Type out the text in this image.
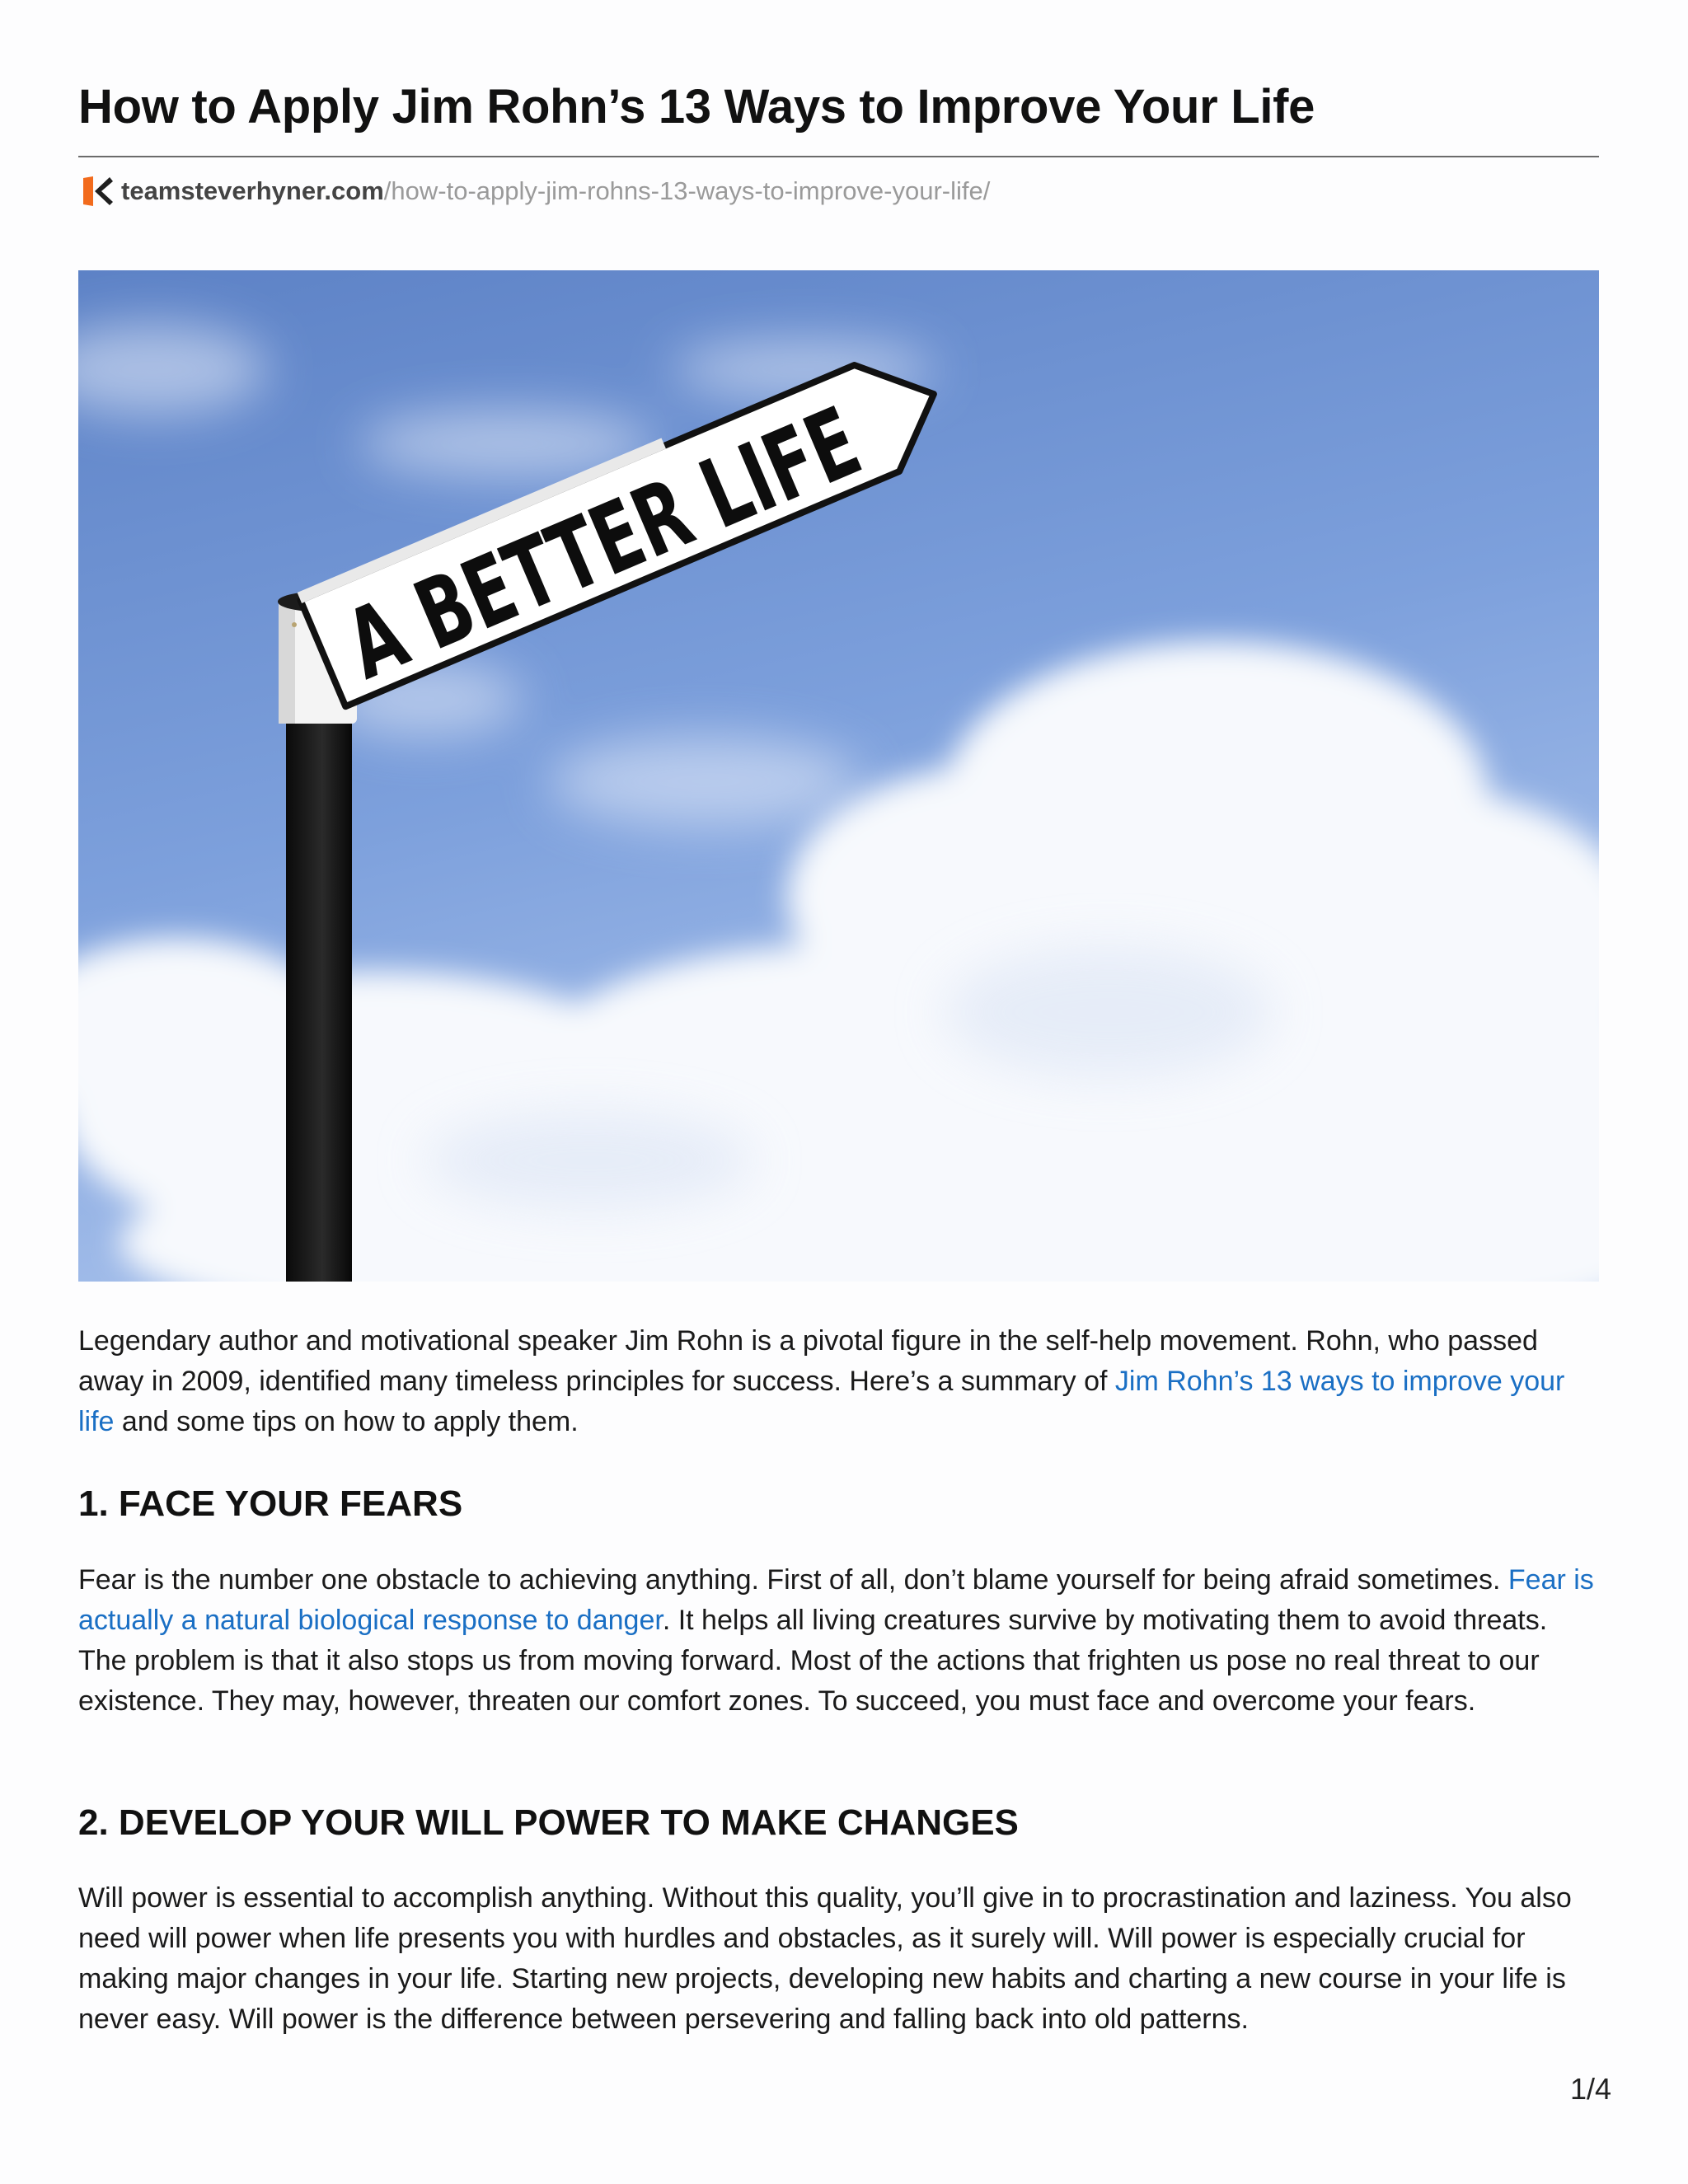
How to Apply Jim Rohn’s 13 Ways to Improve Your Life
teamsteverhyner.com /how-to-apply-jim-rohns-13-ways-to-improve-your-life/
A BETTER LIFE

Legendary author and motivational speaker Jim Rohn is a pivotal figure in the self-help movement. Rohn, who passed away in 2009, identified many timeless principles for success. Here’s a summary of Jim Rohn’s 13 ways to improve your life and some tips on how to apply them.

1. FACE YOUR FEARS

Fear is the number one obstacle to achieving anything. First of all, don’t blame yourself for being afraid sometimes. Fear is actually a natural biological response to danger. It helps all living creatures survive by motivating them to avoid threats. The problem is that it also stops us from moving forward. Most of the actions that frighten us pose no real threat to our existence. They may, however, threaten our comfort zones. To succeed, you must face and overcome your fears.

2. DEVELOP YOUR WILL POWER TO MAKE CHANGES

Will power is essential to accomplish anything. Without this quality, you’ll give in to procrastination and laziness. You also need will power when life presents you with hurdles and obstacles, as it surely will. Will power is especially crucial for making major changes in your life. Starting new projects, developing new habits and charting a new course in your life is never easy. Will power is the difference between persevering and falling back into old patterns.

1/4
